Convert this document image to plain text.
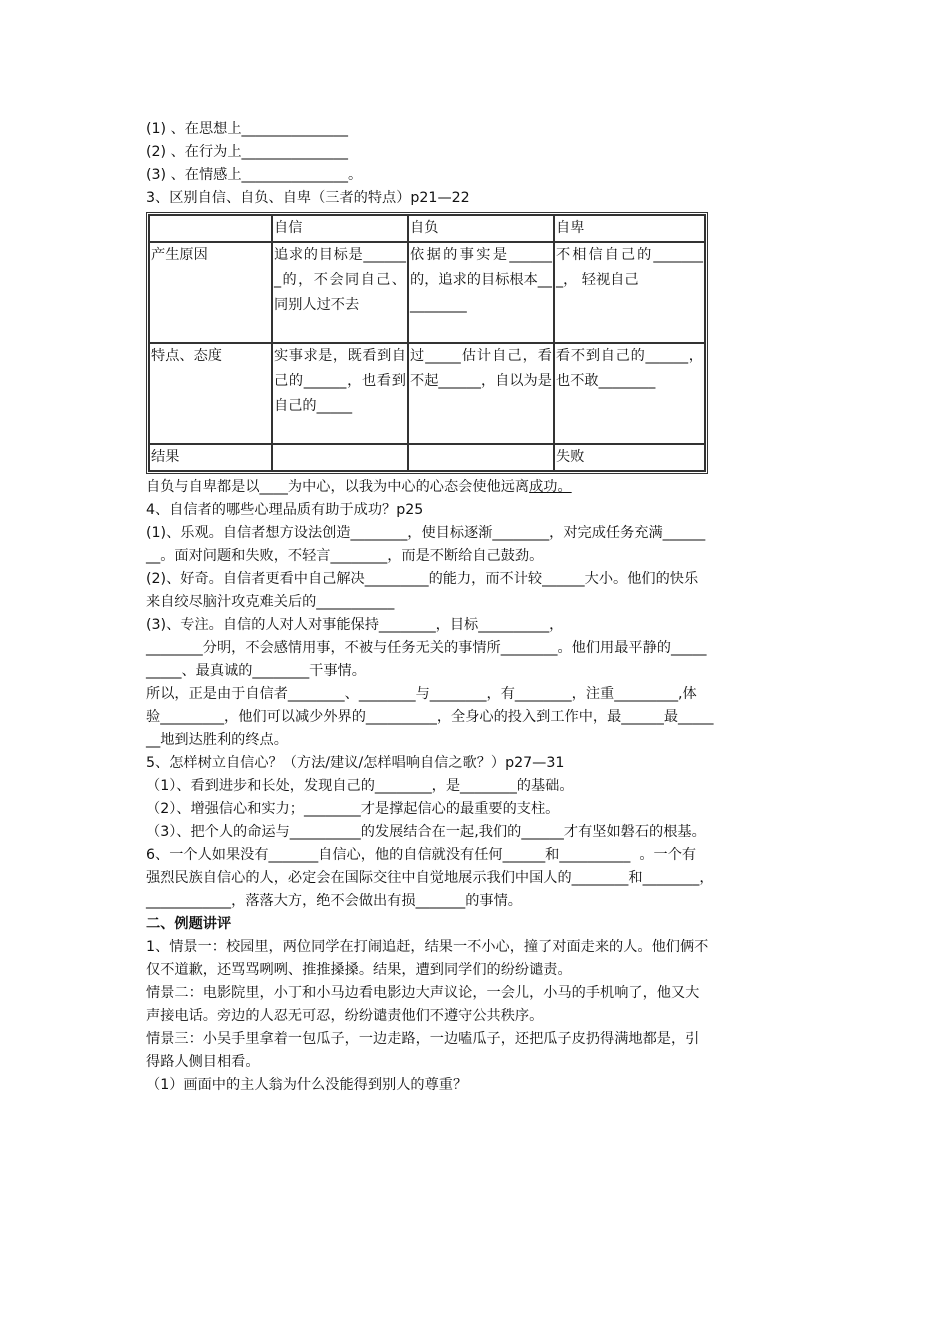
(1) 、在思想上_______________
(2) 、在行为上_______________
(3) 、在情感上_______________。
3、区别自信、自负、自卑（三者的特点）p21—22
	自信	自负	自卑
产生原因	追求的目标是_______的，不会同自己、同别人过不去	依据的事实是______的，追求的目标根本__________	不相信自己的________， 轻视自己
特点、态度	实事求是，既看到自己的______，也看到自己的_____	过_____估计自己，看不起______，自以为是	看不到自己的______，也不敢________
结果			失败
自负与自卑都是以____为中心，以我为中心的心态会使他远离成功。
4、自信者的哪些心理品质有助于成功？p25
(1)、乐观。自信者想方设法创造________，使目标逐渐________，对完成任务充满______
__。面对问题和失败，不轻言________，而是不断给自己鼓劲。
(2)、好奇。自信者更看中自己解决_________的能力，而不计较______大小。他们的快乐
来自绞尽脑汁攻克难关后的___________
(3)、专注。自信的人对人对事能保持________，目标__________，
________分明，不会感情用事，不被与任务无关的事情所________。他们用最平静的_____
_____、最真诚的________干事情。
所以，正是由于自信者________、________与________，有________，注重_________,体
验_________，他们可以减少外界的__________，全身心的投入到工作中，最______最_____
__地到达胜利的终点。
5、怎样树立自信心？（方法/建议/怎样唱响自信之歌？）p27—31
（1）、看到进步和长处，发现自己的________，是________的基础。
（2）、增强信心和实力；________才是撑起信心的最重要的支柱。
（3）、把个人的命运与__________的发展结合在一起,我们的______才有坚如磐石的根基。
6、一个人如果没有_______自信心，他的自信就没有任何______和__________  。一个有
强烈民族自信心的人，必定会在国际交往中自觉地展示我们中国人的________和________，
____________，落落大方，绝不会做出有损_______的事情。
二、例题讲评
1、情景一：校园里，两位同学在打闹追赶，结果一不小心，撞了对面走来的人。他们俩不
仅不道歉，还骂骂咧咧、推推搡搡。结果，遭到同学们的纷纷谴责。
情景二：电影院里，小丁和小马边看电影边大声议论，一会儿，小马的手机响了，他又大
声接电话。旁边的人忍无可忍，纷纷谴责他们不遵守公共秩序。
情景三：小吴手里拿着一包瓜子，一边走路，一边嗑瓜子，还把瓜子皮扔得满地都是，引
得路人侧目相看。
（1）画面中的主人翁为什么没能得到别人的尊重？
